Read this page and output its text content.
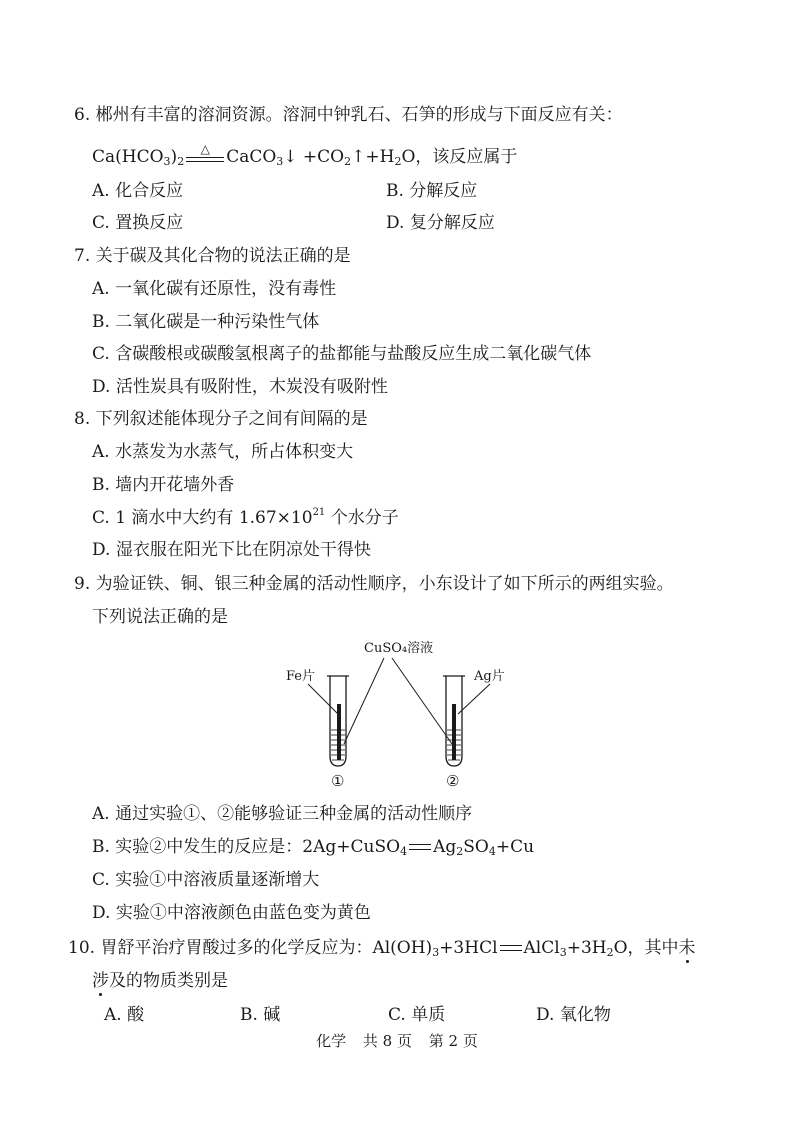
6. 郴州有丰富的溶洞资源。溶洞中钟乳石、石笋的形成与下面反应有关：
$Ca(HCO_3)_2$
△ CaCO$_3$↓ $+CO_2↑+H_2O$，该反应属于
A. 化合反应	B. 分解反应
C. 置换反应	D. 复分解反应
7. 关于碳及其化合物的说法正确的是
A. 一氧化碳有还原性，没有毒性
B. 二氧化碳是一种污染性气体
C. 含碳酸根或碳酸氢根离子的盐都能与盐酸反应生成二氧化碳气体
D. 活性炭具有吸附性，木炭没有吸附性
8. 下列叙述能体现分子之间有间隔的是
A. 水蒸发为水蒸气，所占体积变大
B. 墙内开花墙外香
C. 1 滴水中大约有 $1.67\times 10^{21}$ 个水分子
D. 湿衣服在阳光下比在阴凉处干得快
9. 为验证铁、铜、银三种金属的活动性顺序，小东设计了如下所示的两组实验。
下列说法正确的是
CuSO₄溶液
Fe片	Ag片
①	②
A. 通过实验①、②能够验证三种金属的活动性顺序
B. 实验②中发生的反应是：2Ag+CuSO$_4$ $Ag_2SO_4+Cu$
C. 实验①中溶液质量逐渐增大
D. 实验①中溶液颜色由蓝色变为黄色
10. 胃舒平治疗胃酸过多的化学反应为：$Al(OH)_3+3HCl$ $AlCl_3+3H_2O$，其中未
涉及的物质类别是
A. 酸	B. 碱	C. 单质	D. 氧化物
化学 共 8 页 第 2 页
